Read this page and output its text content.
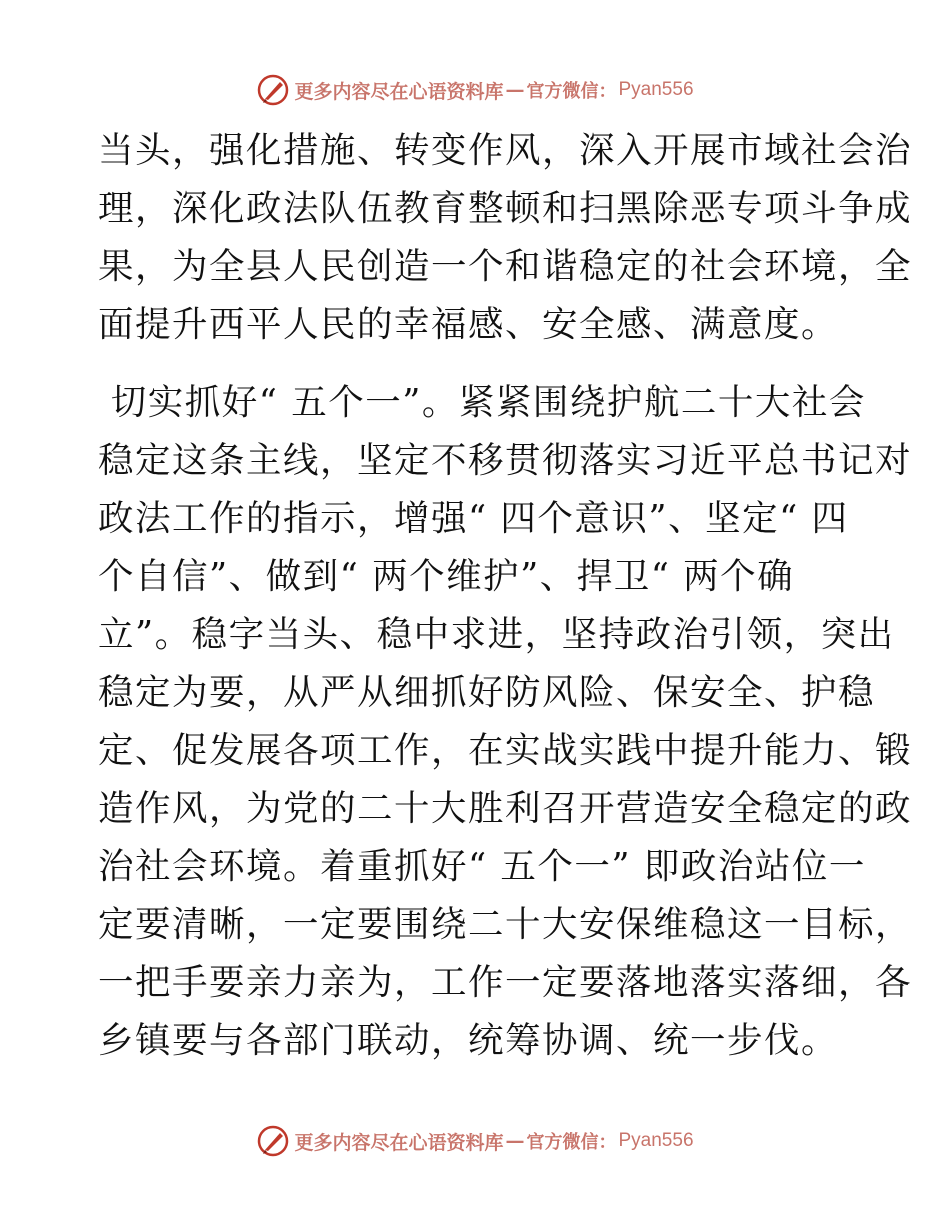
更多内容尽在心语资料库 — 官方微信： Pyan556

当头，强化措施、转变作风，深入开展市域社会治
理，深化政法队伍教育整顿和扫黑除恶专项斗争成
果，为全县人民创造一个和谐稳定的社会环境，全
面提升西平人民的幸福感、安全感、满意度。

切实抓好“ 五个一”。紧紧围绕护航二十大社会
稳定这条主线，坚定不移贯彻落实习近平总书记对
政法工作的指示，增强“ 四个意识”、坚定“ 四
个自信”、做到“ 两个维护”、捍卫“ 两个确
立”。稳字当头、稳中求进，坚持政治引领，突出
稳定为要，从严从细抓好防风险、保安全、护稳
定、促发展各项工作，在实战实践中提升能力、锻
造作风，为党的二十大胜利召开营造安全稳定的政
治社会环境。着重抓好“ 五个一” 即政治站位一
定要清晰，一定要围绕二十大安保维稳这一目标，
一把手要亲力亲为，工作一定要落地落实落细，各
乡镇要与各部门联动，统筹协调、统一步伐。

更多内容尽在心语资料库 — 官方微信： Pyan556
